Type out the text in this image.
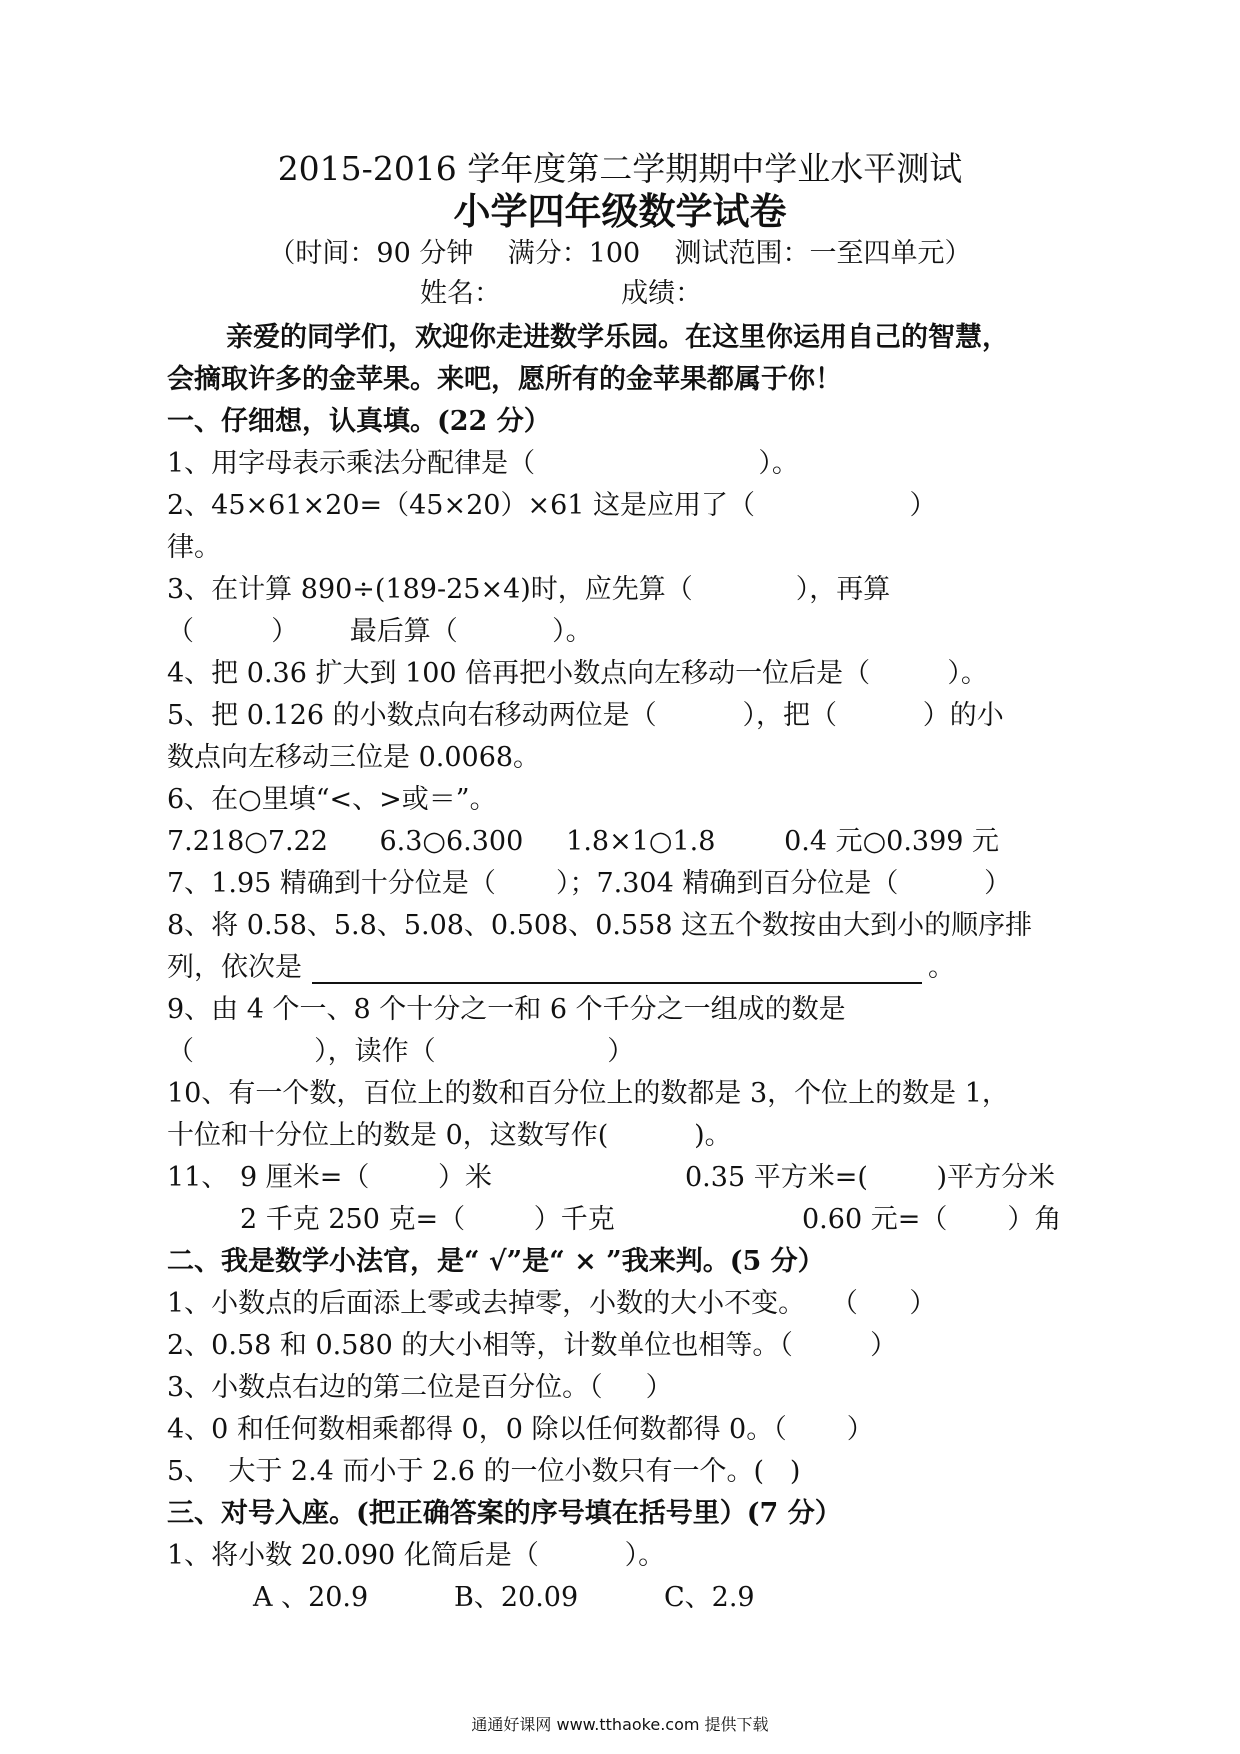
2015-2016 学年度第二学期期中学业水平测试
小学四年级数学试卷
（时间：90 分钟    满分：100    测试范围：一至四单元）
姓名：              成绩：
亲爱的同学们，欢迎你走进数学乐园。在这里你运用自己的智慧，
会摘取许多的金苹果。来吧，愿所有的金苹果都属于你！
一、仔细想，认真填。(22 分）
1、用字母表示乘法分配律是（                          ）。
2、45×61×20=（45×20）×61 这是应用了（                  ）
律。
3、在计算 890÷(189-25×4)时，应先算（            ），再算
（         ）      最后算（           ）。
4、把 0.36 扩大到 100 倍再把小数点向左移动一位后是（         ）。
5、把 0.126 的小数点向右移动两位是（          ），把（          ）的小
数点向左移动三位是 0.0068。
6、在○里填“<、>或＝”。
7.218○7.22      6.3○6.300     1.8×1○1.8        0.4 元○0.399 元
7、1.95 精确到十分位是（       ）；7.304 精确到百分位是（          ）
8、将 0.58、5.8、5.08、0.508、0.558 这五个数按由大到小的顺序排
列，依次是	。
9、由 4 个一、8 个十分之一和 6 个千分之一组成的数是
（              ），读作（                    ）
10、有一个数，百位上的数和百分位上的数都是 3，个位上的数是 1，
十位和十分位上的数是 0，这数写作(          )。
11、 9 厘米=（        ）米	0.35 平方米=(        )平方分米
2 千克 250 克=（        ）千克	0.60 元=（       ）角
二、我是数学小法官，是“ √”是“ × ”我来判。(5 分）
1、小数点的后面添上零或去掉零，小数的大小不变。   （      ）
2、0.58 和 0.580 的大小相等，计数单位也相等。（         ）
3、小数点右边的第二位是百分位。（     ）
4、0 和任何数相乘都得 0，0 除以任何数都得 0。（       ）
5、  大于 2.4 而小于 2.6 的一位小数只有一个。(   )
三、对号入座。(把正确答案的序号填在括号里）(7 分）
1、将小数 20.090 化简后是（          ）。
A 、20.9          B、20.09          C、2.9
通通好课网 www.tthaoke.com 提供下载
